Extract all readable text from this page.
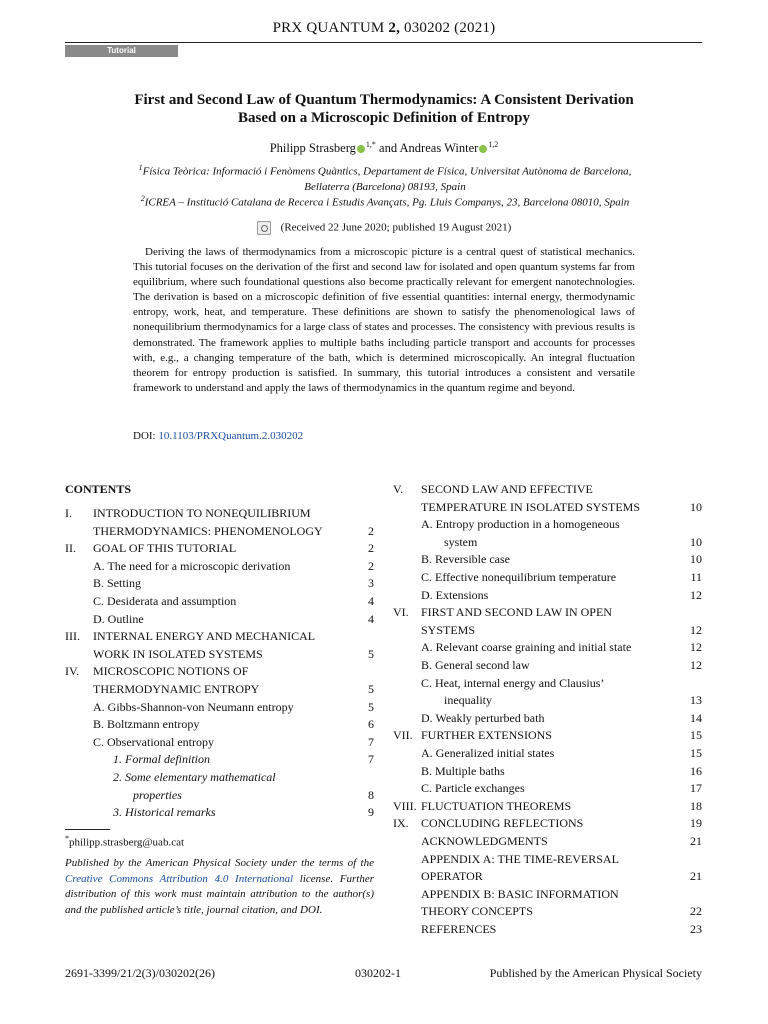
PRX QUANTUM 2, 030202 (2021)
Tutorial
First and Second Law of Quantum Thermodynamics: A Consistent Derivation
Based on a Microscopic Definition of Entropy
Philipp Strasberg $^{1,*}$ and Andreas Winter $^{1,2}$
$^1$Física Teòrica: Informació i Fenòmens Quàntics, Departament de Física, Universitat Autònoma de Barcelona,
Bellaterra (Barcelona) 08193, Spain
$^2$ICREA – Institució Catalana de Recerca i Estudis Avançats, Pg. Lluis Companys, 23, Barcelona 08010, Spain
(Received 22 June 2020; published 19 August 2021)
Deriving the laws of thermodynamics from a microscopic picture is a central quest of statistical mechanics. This tutorial focuses on the derivation of the first and second law for isolated and open quantum systems far from equilibrium, where such foundational questions also become practically relevant for emergent nanotechnologies. The derivation is based on a microscopic definition of five essential quantities: internal energy, thermodynamic entropy, work, heat, and temperature. These definitions are shown to satisfy the phenomenological laws of nonequilibrium thermodynamics for a large class of states and processes. The consistency with previous results is demonstrated. The framework applies to multiple baths including particle transport and accounts for processes with, e.g., a changing temperature of the bath, which is determined microscopically. An integral fluctuation theorem for entropy production is satisfied. In summary, this tutorial introduces a consistent and versatile framework to understand and apply the laws of thermodynamics in the quantum regime and beyond.
DOI: 10.1103/PRXQuantum.2.030202
CONTENTS
I. INTRODUCTION TO NONEQUILIBRIUM
THERMODYNAMICS: PHENOMENOLOGY	2
II. GOAL OF THIS TUTORIAL	2
A. The need for a microscopic derivation	2
B. Setting	3
C. Desiderata and assumption	4
D. Outline	4
III. INTERNAL ENERGY AND MECHANICAL
WORK IN ISOLATED SYSTEMS	5
IV. MICROSCOPIC NOTIONS OF
THERMODYNAMIC ENTROPY	5
A. Gibbs-Shannon-von Neumann entropy	5
B. Boltzmann entropy	6
C. Observational entropy	7
1. Formal definition	7
2. Some elementary mathematical
properties	8
3. Historical remarks	9
V. SECOND LAW AND EFFECTIVE
TEMPERATURE IN ISOLATED SYSTEMS	10
A. Entropy production in a homogeneous
system	10
B. Reversible case	10
C. Effective nonequilibrium temperature	11
D. Extensions	12
VI. FIRST AND SECOND LAW IN OPEN
SYSTEMS	12
A. Relevant coarse graining and initial state	12
B. General second law	12
C. Heat, internal energy and Clausius’
inequality	13
D. Weakly perturbed bath	14
VII. FURTHER EXTENSIONS	15
A. Generalized initial states	15
B. Multiple baths	16
C. Particle exchanges	17
VIII. FLUCTUATION THEOREMS	18
IX. CONCLUDING REFLECTIONS	19
ACKNOWLEDGMENTS	21
APPENDIX A: THE TIME-REVERSAL
OPERATOR	21
APPENDIX B: BASIC INFORMATION
THEORY CONCEPTS	22
REFERENCES	23
*philipp.strasberg@uab.cat
Published by the American Physical Society under the terms of the Creative Commons Attribution 4.0 International license. Further distribution of this work must maintain attribution to the author(s) and the published article’s title, journal citation, and DOI.
2691-3399/21/2(3)/030202(26)	030202-1	Published by the American Physical Society
